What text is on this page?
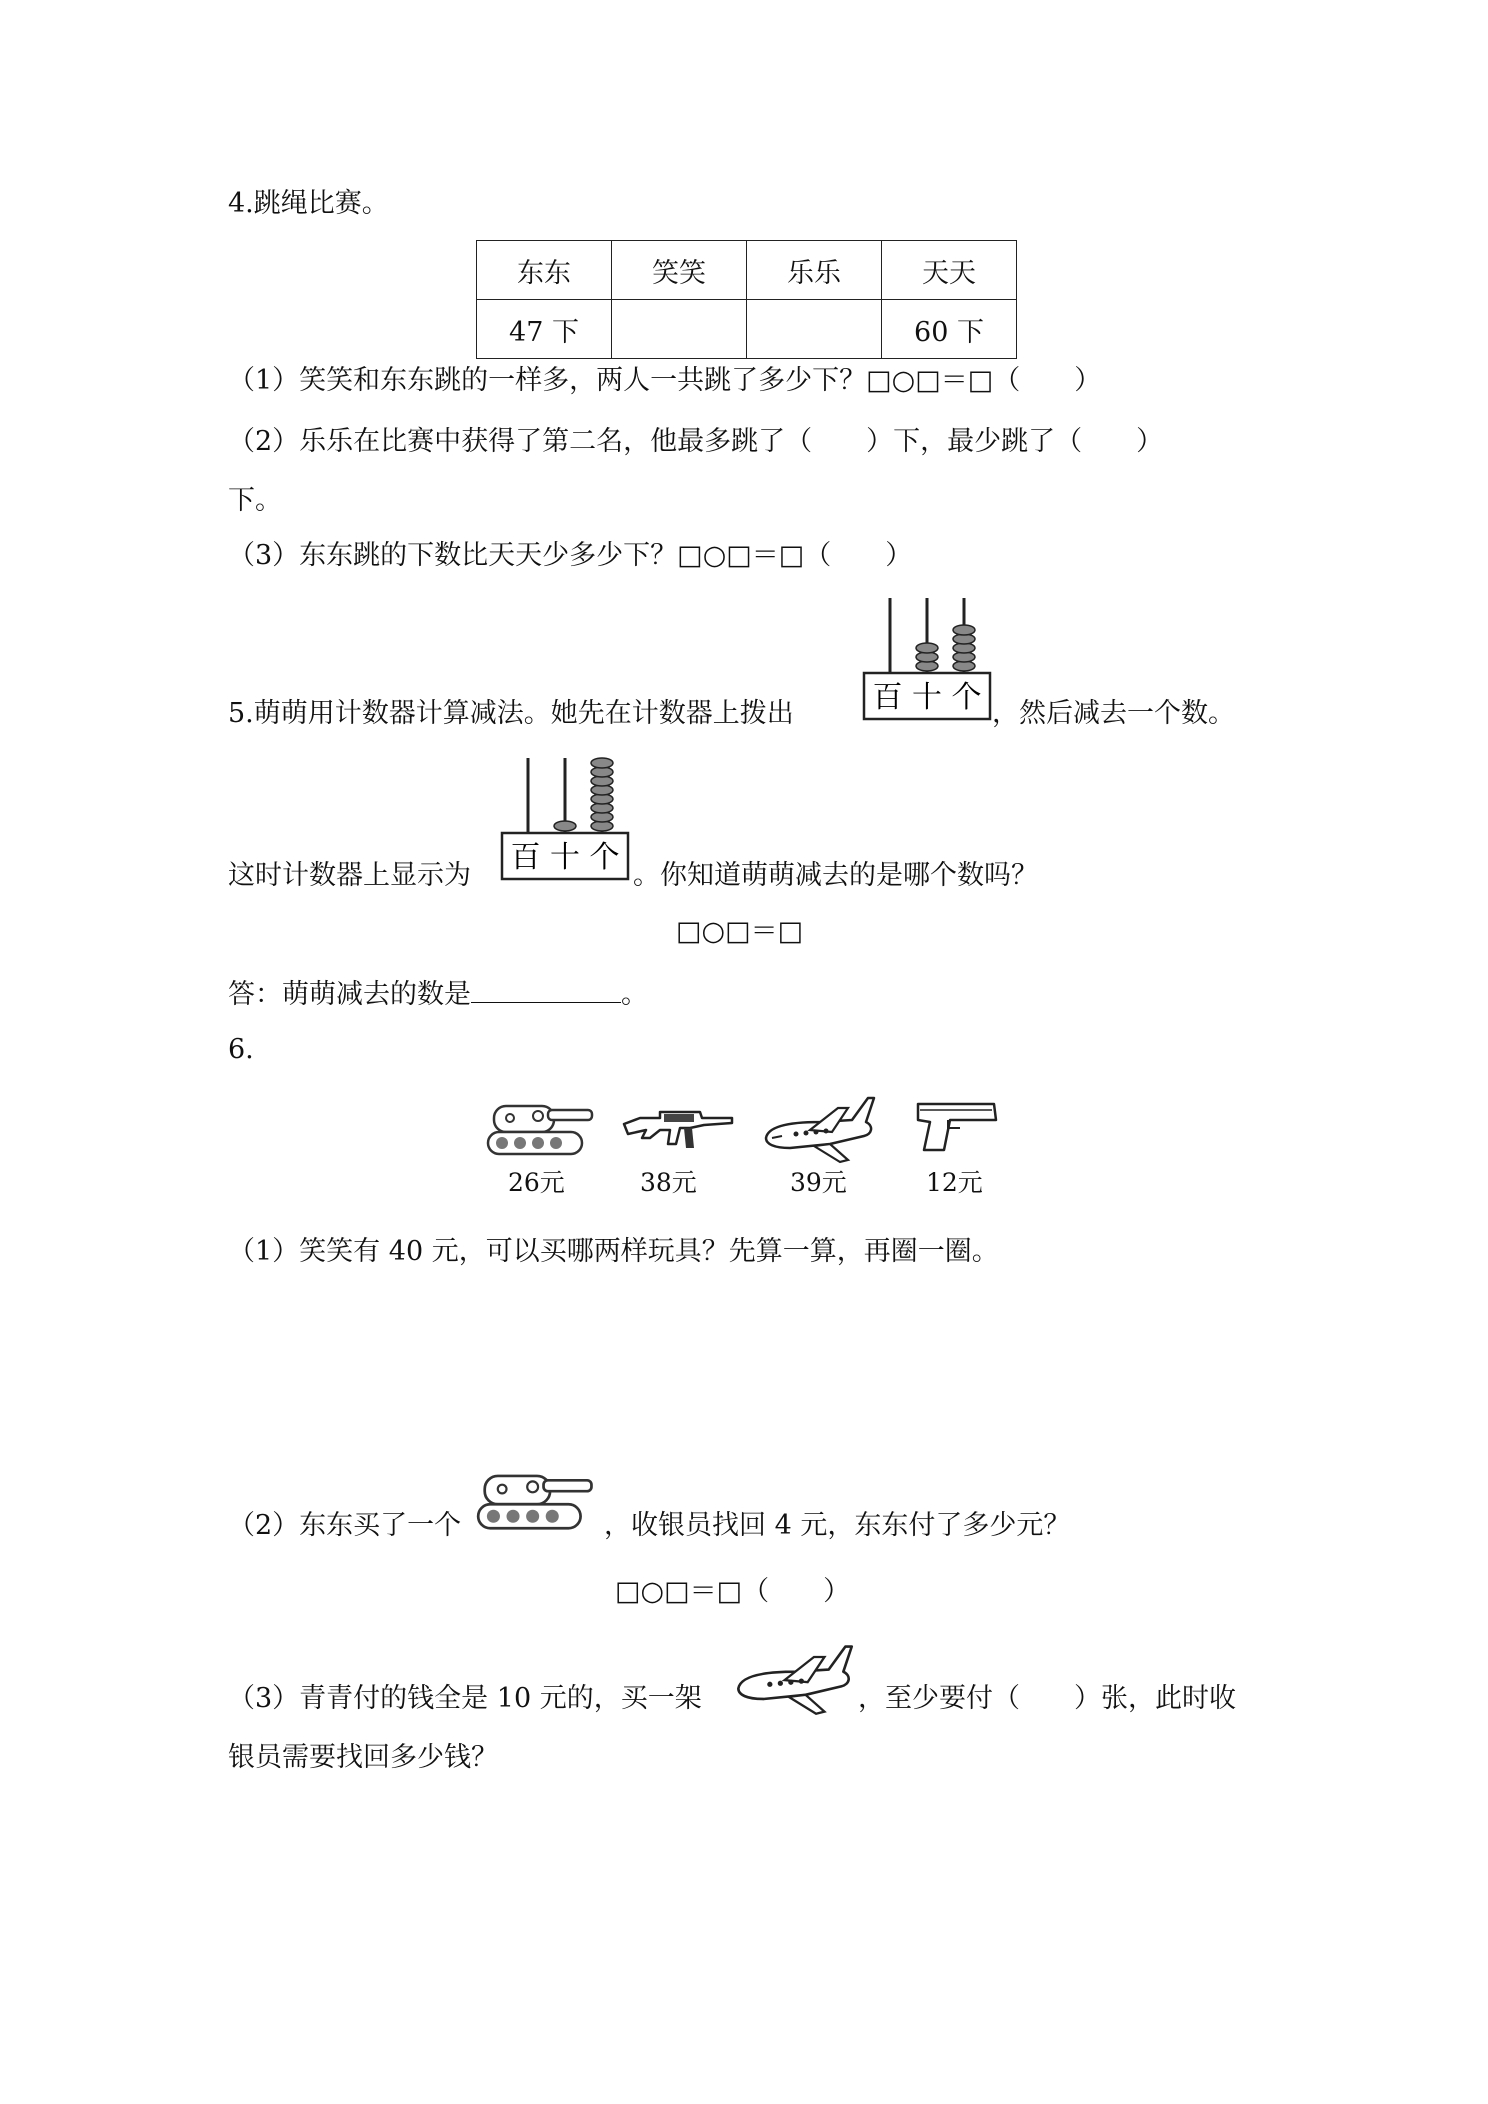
4.跳绳比赛。
东东	笑笑	乐乐	天天
47 下			60 下
（1）笑笑和东东跳的一样多，两人一共跳了多少下？□○□＝□（　　）
（2）乐乐在比赛中获得了第二名，他最多跳了（　　）下，最少跳了（　　）
下。
（3）东东跳的下数比天天少多少下？□○□＝□（　　）
5.萌萌用计数器计算减法。她先在计数器上拨出	百 十 个 ，然后减去一个数。
百 十 个
这时计数器上显示为	。你知道萌萌减去的是哪个数吗？
□○□＝□
答：萌萌减去的数是	。
6.
26元	38元	39元	12元
（1）笑笑有 40 元，可以买哪两样玩具？先算一算，再圈一圈。
（2）东东买了一个	，收银员找回 4 元，东东付了多少元？
□○□＝□（　　）
（3）青青付的钱全是 10 元的，买一架	，至少要付（　　）张，此时收
银员需要找回多少钱？
